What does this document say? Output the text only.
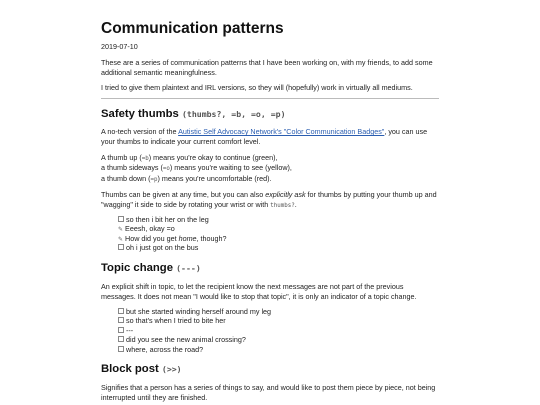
Communication patterns

2019-07-10

These are a series of communication patterns that I have been working on, with my friends, to add some additional semantic meaningfulness.

I tried to give them plaintext and IRL versions, so they will (hopefully) work in virtually all mediums.

Safety thumbs (thumbs?, =b, =o, =p)

A no-tech version of the Autistic Self Advocacy Network's "Color Communication Badges", you can use your thumbs to indicate your current comfort level.

A thumb up (=b) means you're okay to continue (green),
a thumb sideways (=o) means you're waiting to see (yellow),
a thumb down (=p) means you're uncomfortable (red).

Thumbs can be given at any time, but you can also explicitly ask for thumbs by putting your thumb up and "wagging" it side to side by rotating your wrist or with thumbs?.

so then i bit her on the leg
✎ Eeesh, okay =o
✎ How did you get home, though?
oh i just got on the bus
Topic change (---)

An explicit shift in topic, to let the recipient know the next messages are not part of the previous messages. It does not mean "I would like to stop that topic", it is only an indicator of a topic change.

but she started winding herself around my leg
so that's when I tried to bite her
---
did you see the new animal crossing?
where, across the road?
Block post (>>)

Signifies that a person has a series of things to say, and would like to post them piece by piece, not being interrupted until they are finished.
